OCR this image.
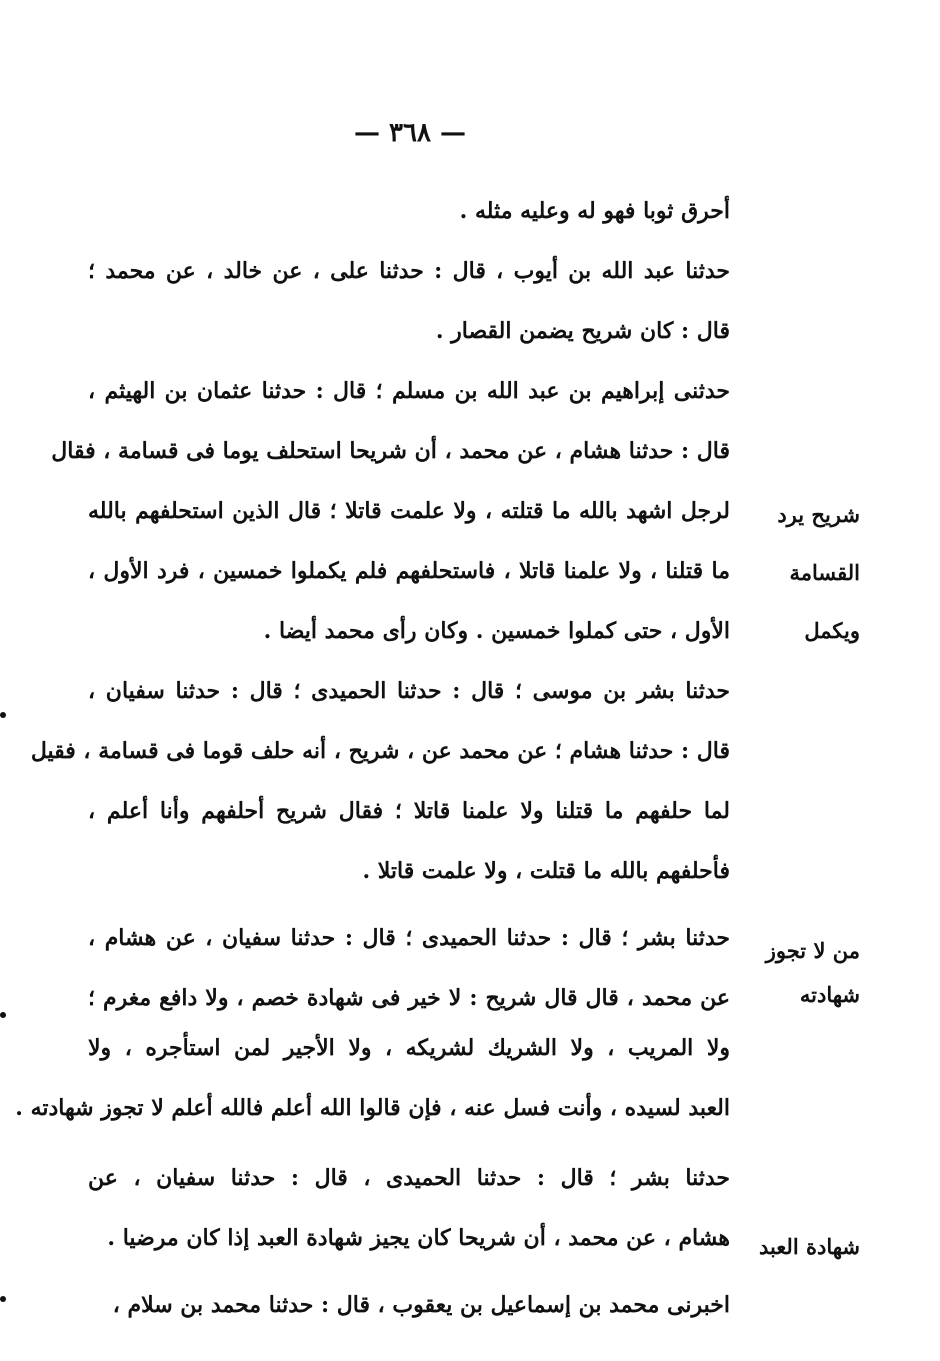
— ٣٦٨ —
أحرق ثوبا فهو له وعليه مثله .
حدثنا عبد الله بن أيوب ، قال : حدثنا على ، عن خالد ، عن محمد ؛
قال : كان شريح يضمن القصار .
حدثنى إبراهيم بن عبد الله بن مسلم ؛ قال : حدثنا عثمان بن الهيثم ،
قال : حدثنا هشام ، عن محمد ، أن شريحا استحلف يوما فى قسامة ، فقال
لرجل اشهد بالله ما قتلته ، ولا علمت قاتلا ؛ قال الذين استحلفهم بالله
ما قتلنا ، ولا علمنا قاتلا ، فاستحلفهم فلم يكملوا خمسين ، فرد الأول ،
الأول ، حتى كملوا خمسين . وكان رأى محمد أيضا .
حدثنا بشر بن موسى ؛ قال : حدثنا الحميدى ؛ قال : حدثنا سفيان ،
قال : حدثنا هشام ؛ عن محمد عن ، شريح ، أنه حلف قوما فى قسامة ، فقيل
لما حلفهم ما قتلنا ولا علمنا قاتلا ؛ فقال شريح أحلفهم وأنا أعلم ،
فأحلفهم بالله ما قتلت ، ولا علمت قاتلا .
حدثنا بشر ؛ قال : حدثنا الحميدى ؛ قال : حدثنا سفيان ، عن هشام ،
عن محمد ، قال قال شريح : لا خير فى شهادة خصم ، ولا دافع مغرم ؛
ولا المريب ، ولا الشريك لشريكه ، ولا الأجير لمن استأجره ، ولا
العبد لسيده ، وأنت فسل عنه ، فإن قالوا الله أعلم فالله أعلم لا تجوز شهادته .
حدثنا بشر ؛ قال : حدثنا الحميدى ، قال : حدثنا سفيان ، عن
هشام ، عن محمد ، أن شريحا كان يجيز شهادة العبد إذا كان مرضيا .
اخبرنى محمد بن إسماعيل بن يعقوب ، قال : حدثنا محمد بن سلام ،
شريح يرد
القسامة
ويكمل
من لا تجوز
شهادته
شهادة العبد
